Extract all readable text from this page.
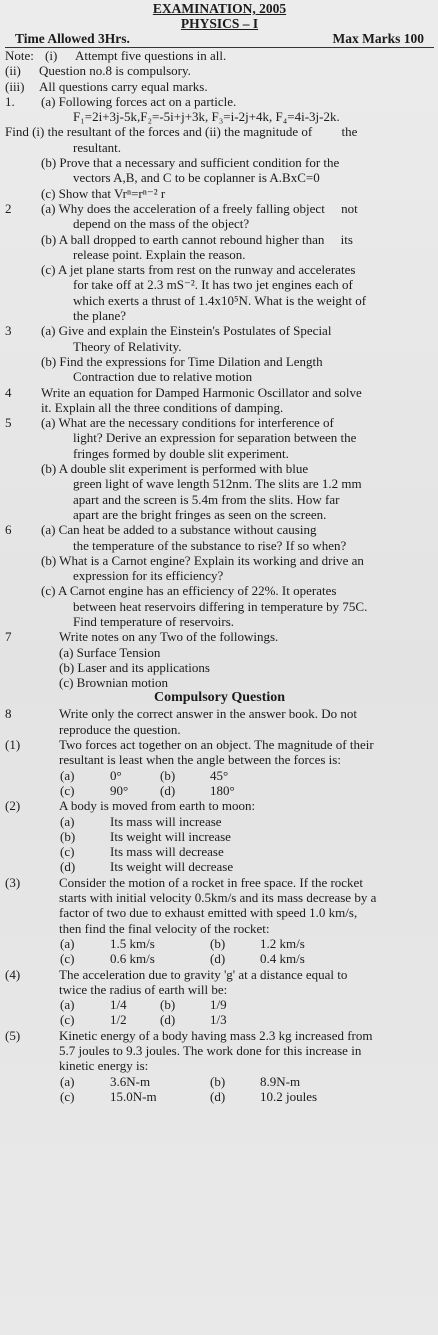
EXAMINATION, 2005
PHYSICS – I
Time Allowed 3Hrs.	Max Marks 100
Note: (i)	Attempt five questions in all.
(ii)	Question no.8 is compulsory.
(iii)	All questions carry equal marks.
1.	(a) Following forces act on a particle.
F₁=2i+3j-5k,F₂=-5i+j+3k, F₃=i-2j+4k, F₄=4i-3j-2k.
Find (i) the resultant of the forces and (ii) the magnitude of         the
resultant.
(b) Prove that a necessary and sufficient condition for the
vectors A,B, and C to be coplanner is A.BxC=0
(c) Show that Vrⁿ=rⁿ⁻² r
2	(a) Why does the acceleration of a freely falling object     not
depend on the mass of the object?
(b) A ball dropped to earth cannot rebound higher than     its
release point. Explain the reason.
(c) A jet plane starts from rest on the runway and accelerates
for take off at 2.3 mS⁻². It has two jet engines each of
which exerts a thrust of 1.4x10⁵N. What is the weight of
the plane?
3	(a) Give and explain the Einstein's Postulates of Special
Theory of Relativity.
(b) Find the expressions for Time Dilation and Length
Contraction due to relative motion
4	Write an equation for Damped Harmonic Oscillator and solve
it. Explain all the three conditions of damping.
5	(a) What are the necessary conditions for interference of
light? Derive an expression for separation between the
fringes formed by double slit experiment.
(b) A double slit experiment is performed with blue
green light of wave length 512nm. The slits are 1.2 mm
apart and the screen is 5.4m from the slits. How far
apart are the bright fringes as seen on the screen.
6	(a) Can heat be added to a substance without causing
the temperature of the substance to rise? If so when?
(b) What is a Carnot engine? Explain its working and drive an
expression for its efficiency?
(c) A Carnot engine has an efficiency of 22%. It operates
between heat reservoirs differing in temperature by 75C.
Find temperature of reservoirs.
7	Write notes on any Two of the followings.
(a) Surface Tension
(b) Laser and its applications
(c) Brownian motion
Compulsory Question
8	Write only the correct answer in the answer book. Do not
reproduce the question.
(1)	Two forces act together on an object. The magnitude of their
resultant is least when the angle between the forces is:
(a)	0°	(b)	45°
(c)	90°	(d)	180°
(2)	A body is moved from earth to moon:
(a)	Its mass will increase
(b)	Its weight will increase
(c)	Its mass will decrease
(d)	Its weight will decrease
(3)	Consider the motion of a rocket in free space. If the rocket
starts with initial velocity 0.5km/s and its mass decrease by a
factor of two due to exhaust emitted with speed 1.0 km/s,
then find the final velocity of the rocket:
(a)	1.5 km/s	(b)	1.2 km/s
(c)	0.6 km/s	(d)	0.4 km/s
(4)	The acceleration due to gravity 'g' at a distance equal to
twice the radius of earth will be:
(a)	1/4	(b)	1/9
(c)	1/2	(d)	1/3
(5)	Kinetic energy of a body having mass 2.3 kg increased from
5.7 joules to 9.3 joules. The work done for this increase in
kinetic energy is:
(a)	3.6N-m	(b)	8.9N-m
(c)	15.0N-m	(d)	10.2 joules
